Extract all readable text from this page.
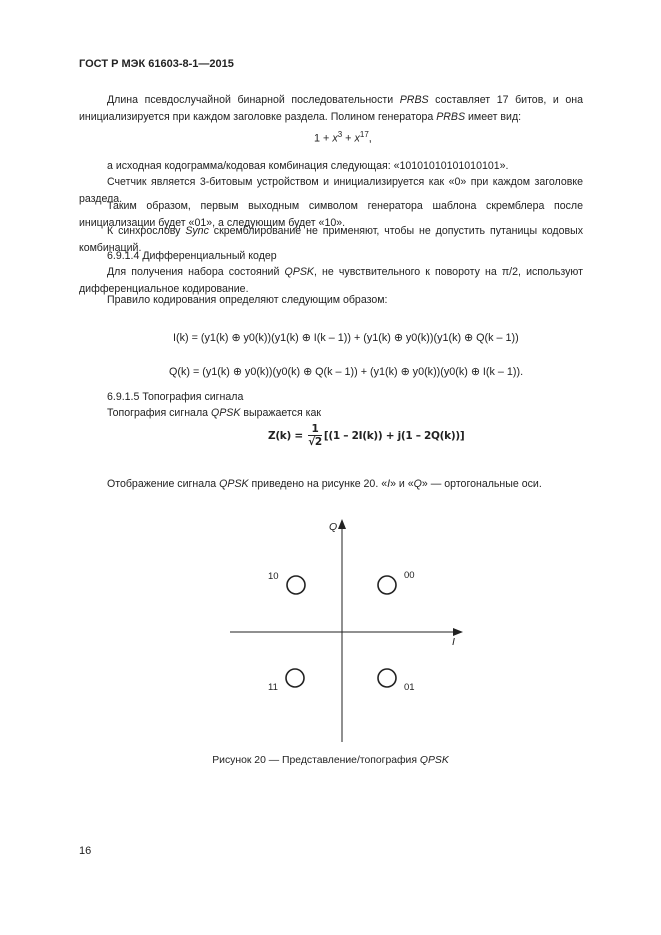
ГОСТ Р МЭК 61603-8-1—2015
Длина псевдослучайной бинарной последовательности PRBS составляет 17 битов, и она инициализируется при каждом заголовке раздела. Полином генератора PRBS имеет вид:
$1 + x^3 + x^{17}$,
а исходная кодограмма/кодовая комбинация следующая: «10101010101010101».
Счетчик является 3-битовым устройством и инициализируется как «0» при каждом заголовке раздела.
Таким образом, первым выходным символом генератора шаблона скремблера после инициализации будет «01», а следующим будет «10».
К синхрослову Sync скремблирование не применяют, чтобы не допустить путаницы кодовых комбинаций.
6.9.1.4 Дифференциальный кодер
Для получения набора состояний QPSK, не чувствительного к повороту на π/2, используют дифференциальное кодирование.
Правило кодирования определяют следующим образом:
I(k) = (y1(k) ⊕ y0(k))(y1(k) ⊕ I(k – 1)) + (y1(k) ⊕ y0(k))(y1(k) ⊕ Q(k – 1))
Q(k) = (y1(k) ⊕ y0(k))(y0(k) ⊕ Q(k – 1)) + (y1(k) ⊕ y0(k))(y0(k) ⊕ I(k – 1)).
6.9.1.5 Топография сигнала
Топография сигнала QPSK выражается как
$Z(k) = \frac{1}{√2} [(1 - 2I(k)) + j(1 - 2Q(k))]$
Отображение сигнала QPSK приведено на рисунке 20. «I» и «Q» — ортогональные оси.
Q
I
10	00
11	01
Рисунок 20 — Представление/топография QPSK
16
